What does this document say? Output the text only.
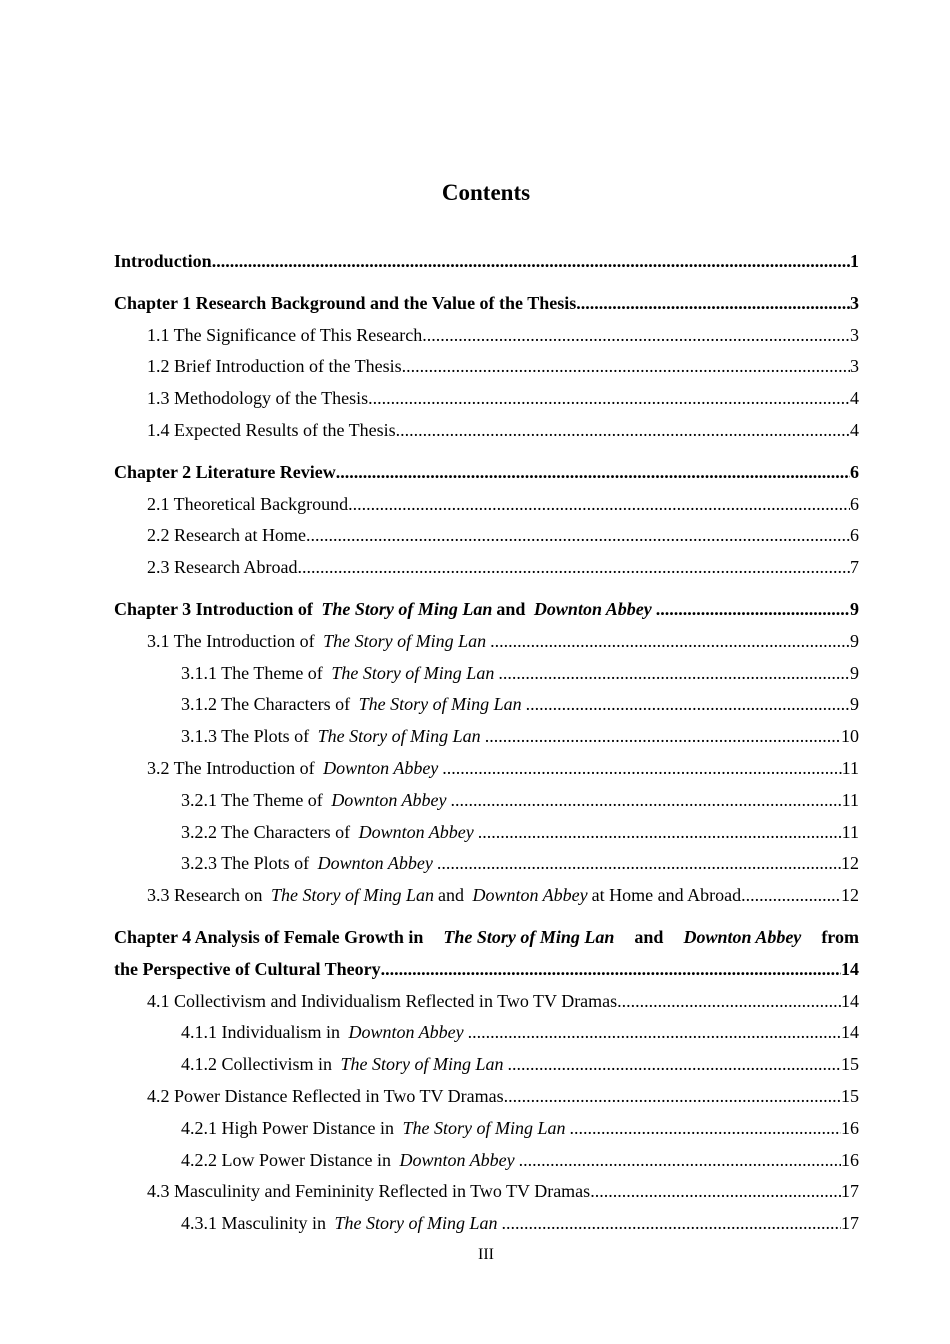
Contents
Introduction .....	1
Chapter 1 Research Background and the Value of the Thesis .....	3
1.1 The Significance of This Research .....	3
1.2 Brief Introduction of the Thesis .....	3
1.3 Methodology of the Thesis .....	4
1.4 Expected Results of the Thesis .....	4
Chapter 2 Literature Review .....	6
2.1 Theoretical Background .....	6
2.2 Research at Home .....	6
2.3 Research Abroad .....	7
Chapter 3 Introduction of The Story of Ming Lan and Downton Abbey .....	9
3.1 The Introduction of The Story of Ming Lan .....	9
3.1.1 The Theme of The Story of Ming Lan .....	9
3.1.2 The Characters of The Story of Ming Lan .....	9
3.1.3 The Plots of The Story of Ming Lan .....	10
3.2 The Introduction of Downton Abbey .....	11
3.2.1 The Theme of Downton Abbey .....	11
3.2.2 The Characters of Downton Abbey .....	11
3.2.3 The Plots of Downton Abbey .....	12
3.3 Research on The Story of Ming Lan and Downton Abbey at Home and Abroad .....	12
Chapter 4 Analysis of Female Growth in The Story of Ming Lan and Downton Abbey from
the Perspective of Cultural Theory .....	14
4.1 Collectivism and Individualism Reflected in Two TV Dramas .....	14
4.1.1 Individualism in Downton Abbey .....	14
4.1.2 Collectivism in The Story of Ming Lan .....	15
4.2 Power Distance Reflected in Two TV Dramas .....	15
4.2.1 High Power Distance in The Story of Ming Lan .....	16
4.2.2 Low Power Distance in Downton Abbey .....	16
4.3 Masculinity and Femininity Reflected in Two TV Dramas .....	17
4.3.1 Masculinity in The Story of Ming Lan .....	17
III
